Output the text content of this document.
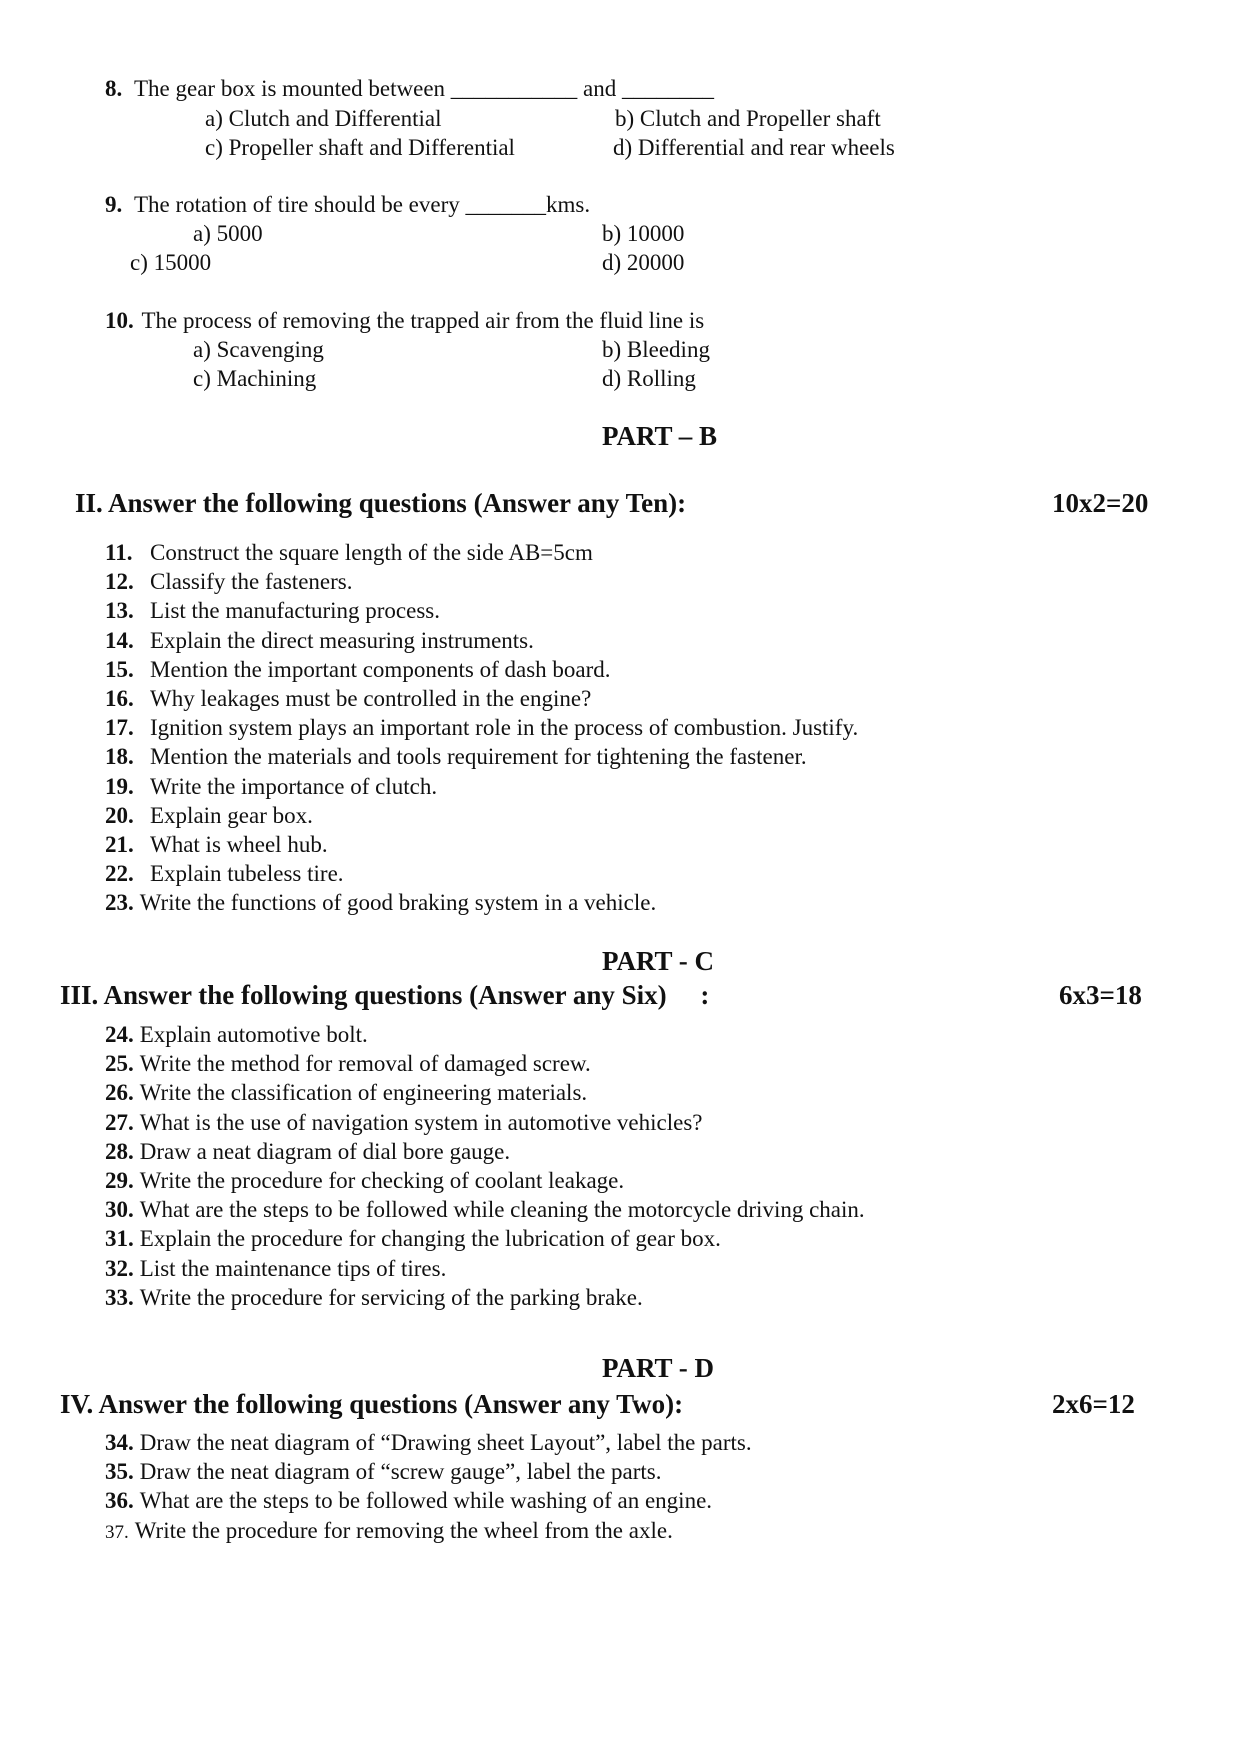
8. The gear box is mounted between ___________ and ________
a) Clutch and Differential	b) Clutch and Propeller shaft
c) Propeller shaft and Differential	d) Differential and rear wheels
9. The rotation of tire should be every _______kms.
a) 5000	b) 10000
c) 15000	d) 20000
10. The process of removing the trapped air from the fluid line is
a) Scavenging	b) Bleeding
c) Machining	d) Rolling
PART – B
II. Answer the following questions (Answer any Ten):	10x2=20
11. Construct the square length of the side AB=5cm
12. Classify the fasteners.
13. List the manufacturing process.
14. Explain the direct measuring instruments.
15. Mention the important components of dash board.
16. Why leakages must be controlled in the engine?
17. Ignition system plays an important role in the process of combustion. Justify.
18. Mention the materials and tools requirement for tightening the fastener.
19. Write the importance of clutch.
20. Explain gear box.
21. What is wheel hub.
22. Explain tubeless tire.
23. Write the functions of good braking system in a vehicle.
PART - C
III. Answer the following questions (Answer any Six)     :	6x3=18
24. Explain automotive bolt.
25. Write the method for removal of damaged screw.
26. Write the classification of engineering materials.
27. What is the use of navigation system in automotive vehicles?
28. Draw a neat diagram of dial bore gauge.
29. Write the procedure for checking of coolant leakage.
30. What are the steps to be followed while cleaning the motorcycle driving chain.
31. Explain the procedure for changing the lubrication of gear box.
32. List the maintenance tips of tires.
33. Write the procedure for servicing of the parking brake.
PART - D
IV. Answer the following questions (Answer any Two):	2x6=12
34. Draw the neat diagram of “Drawing sheet Layout”, label the parts.
35. Draw the neat diagram of “screw gauge”, label the parts.
36. What are the steps to be followed while washing of an engine.
37. Write the procedure for removing the wheel from the axle.
